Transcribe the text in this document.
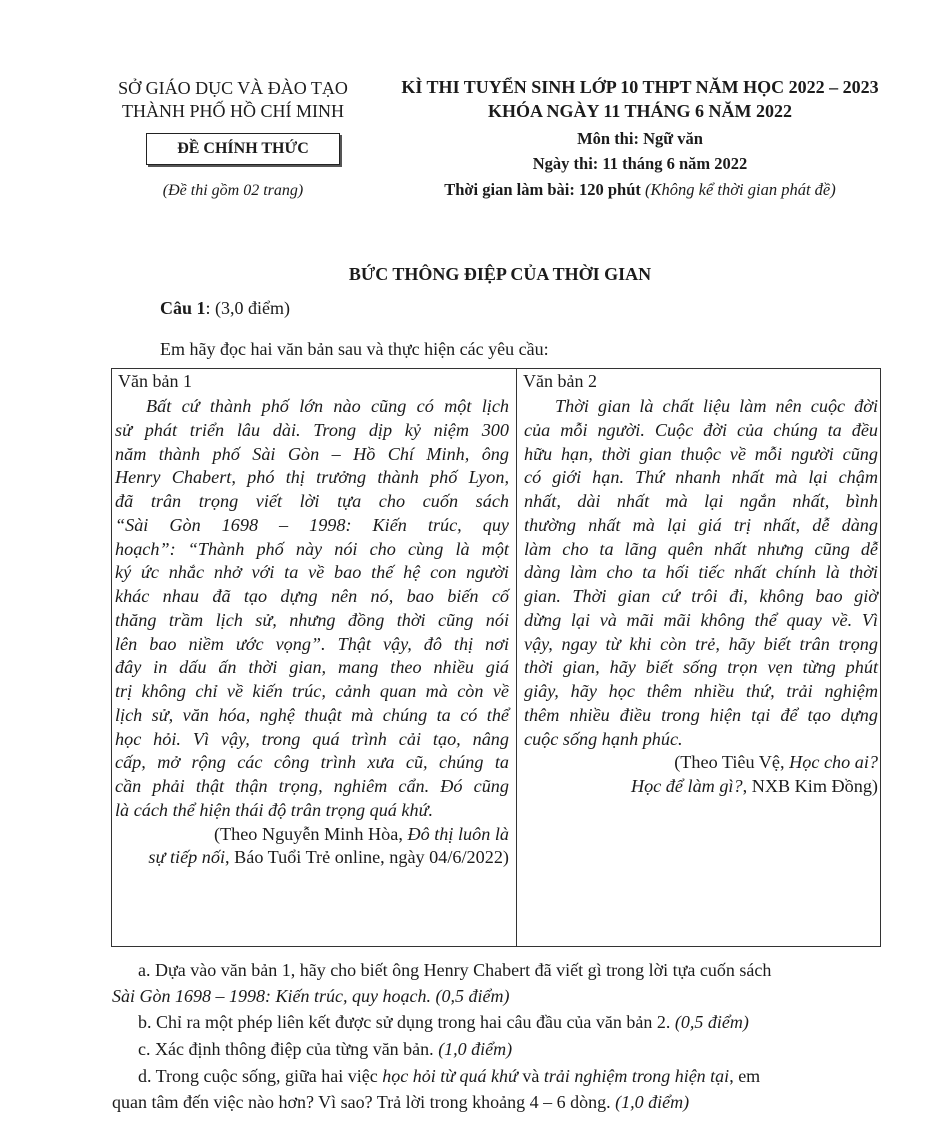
SỞ GIÁO DỤC VÀ ĐÀO TẠO
THÀNH PHỐ HỒ CHÍ MINH
ĐỀ CHÍNH THỨC
(Đề thi gồm 02 trang)
KÌ THI TUYỂN SINH LỚP 10 THPT NĂM HỌC 2022 – 2023
KHÓA NGÀY 11 THÁNG 6 NĂM 2022
Môn thi: Ngữ văn
Ngày thi: 11 tháng 6 năm 2022
Thời gian làm bài: 120 phút (Không kể thời gian phát đề)
BỨC THÔNG ĐIỆP CỦA THỜI GIAN
Câu 1: (3,0 điểm)
Em hãy đọc hai văn bản sau và thực hiện các yêu cầu:
Văn bản 1
Bất cứ thành phố lớn nào cũng có một lịch
sử phát triển lâu dài. Trong dịp kỷ niệm 300
năm thành phố Sài Gòn – Hồ Chí Minh, ông
Henry Chabert, phó thị trưởng thành phố Lyon,
đã trân trọng viết lời tựa cho cuốn sách
“Sài Gòn 1698 – 1998: Kiến trúc, quy
hoạch”: “Thành phố này nói cho cùng là một
ký ức nhắc nhở với ta về bao thế hệ con người
khác nhau đã tạo dựng nên nó, bao biến cố
thăng trầm lịch sử, nhưng đồng thời cũng nói
lên bao niềm ước vọng”. Thật vậy, đô thị nơi
đây in dấu ấn thời gian, mang theo nhiều giá
trị không chỉ về kiến trúc, cảnh quan mà còn về
lịch sử, văn hóa, nghệ thuật mà chúng ta có thể
học hỏi. Vì vậy, trong quá trình cải tạo, nâng
cấp, mở rộng các công trình xưa cũ, chúng ta
cần phải thật thận trọng, nghiêm cẩn. Đó cũng
là cách thể hiện thái độ trân trọng quá khứ.
(Theo Nguyễn Minh Hòa, Đô thị luôn là
sự tiếp nối, Báo Tuổi Trẻ online, ngày 04/6/2022)
Văn bản 2
Thời gian là chất liệu làm nên cuộc đời
của mỗi người. Cuộc đời của chúng ta đều
hữu hạn, thời gian thuộc về mỗi người cũng
có giới hạn. Thứ nhanh nhất mà lại chậm
nhất, dài nhất mà lại ngắn nhất, bình
thường nhất mà lại giá trị nhất, dễ dàng
làm cho ta lãng quên nhất nhưng cũng dễ
dàng làm cho ta hối tiếc nhất chính là thời
gian. Thời gian cứ trôi đi, không bao giờ
dừng lại và mãi mãi không thể quay về. Vì
vậy, ngay từ khi còn trẻ, hãy biết trân trọng
thời gian, hãy biết sống trọn vẹn từng phút
giây, hãy học thêm nhiều thứ, trải nghiệm
thêm nhiều điều trong hiện tại để tạo dựng
cuộc sống hạnh phúc.
(Theo Tiêu Vệ, Học cho ai?
Học để làm gì?, NXB Kim Đồng)
a. Dựa vào văn bản 1, hãy cho biết ông Henry Chabert đã viết gì trong lời tựa cuốn sách
Sài Gòn 1698 – 1998: Kiến trúc, quy hoạch. (0,5 điểm)
b. Chỉ ra một phép liên kết được sử dụng trong hai câu đầu của văn bản 2. (0,5 điểm)
c. Xác định thông điệp của từng văn bản. (1,0 điểm)
d. Trong cuộc sống, giữa hai việc học hỏi từ quá khứ và trải nghiệm trong hiện tại, em
quan tâm đến việc nào hơn? Vì sao? Trả lời trong khoảng 4 – 6 dòng. (1,0 điểm)
